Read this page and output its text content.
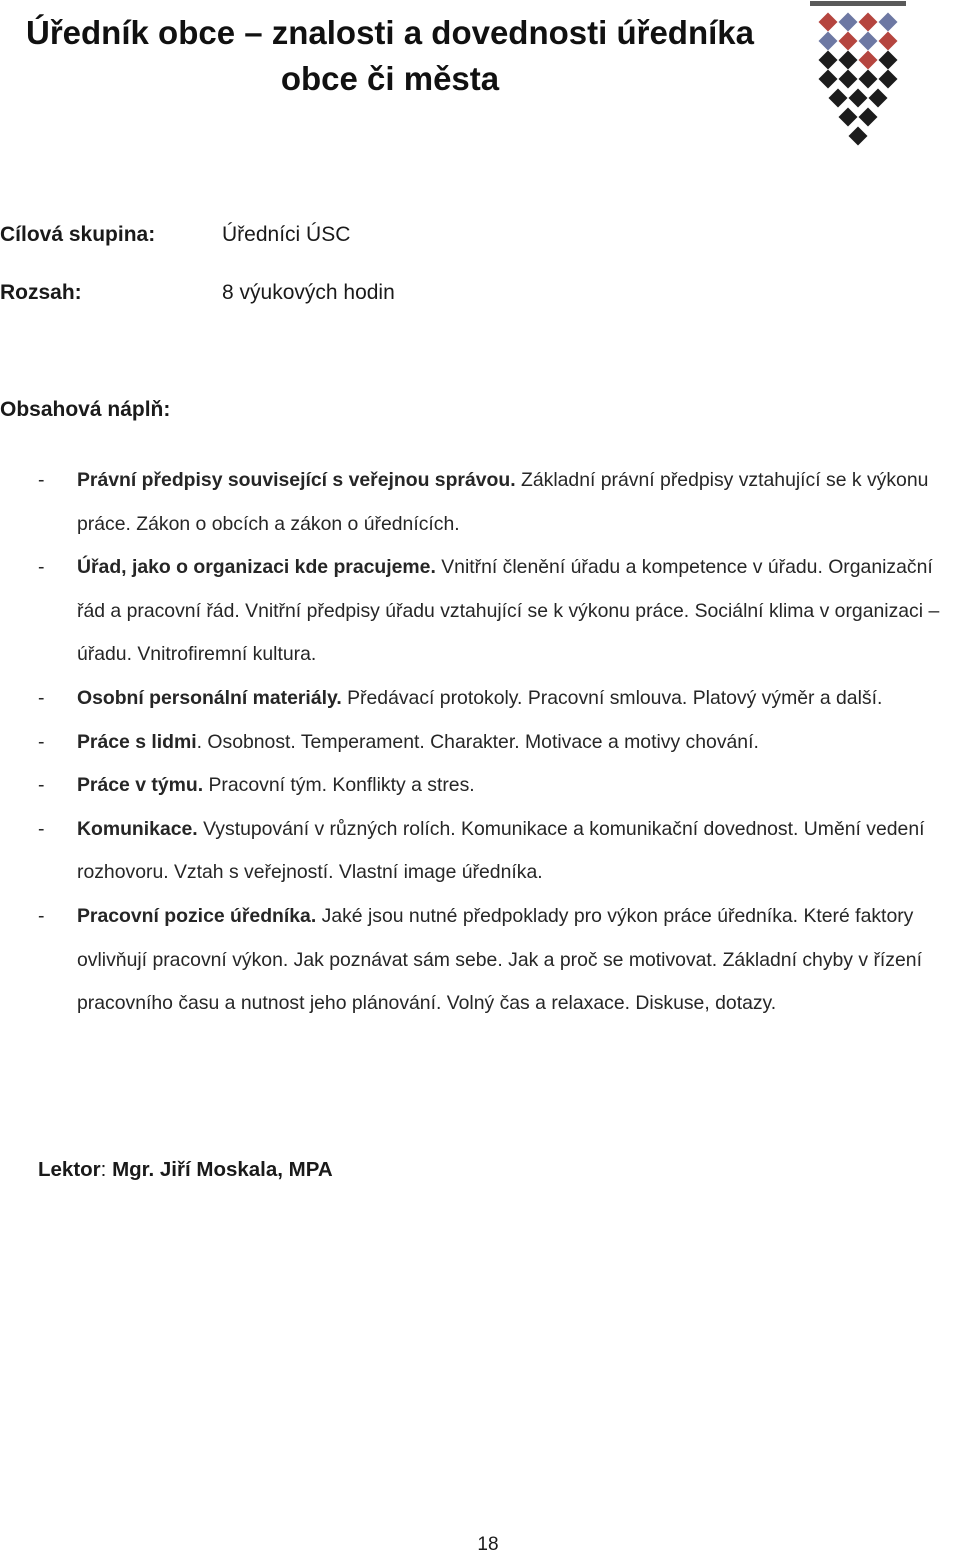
Úředník obce – znalosti a dovednosti úředníka
obce či města

Cílová skupina:	Úředníci ÚSC

Rozsah:	8 výukových hodin

Obsahová náplň:

- Právní předpisy související s veřejnou správou. Základní právní předpisy vztahující se k výkonu práce. Zákon o obcích a zákon o úřednících.
- Úřad, jako o organizaci kde pracujeme. Vnitřní členění úřadu a kompetence v úřadu. Organizační řád a pracovní řád. Vnitřní předpisy úřadu vztahující se k výkonu práce. Sociální klima v organizaci – úřadu. Vnitrofiremní kultura.
- Osobní personální materiály. Předávací protokoly. Pracovní smlouva. Platový výměr a další.
- Práce s lidmi. Osobnost. Temperament. Charakter. Motivace a motivy chování.
- Práce v týmu. Pracovní tým. Konflikty a stres.
- Komunikace. Vystupování v různých rolích. Komunikace a komunikační dovednost. Umění vedení rozhovoru. Vztah s veřejností. Vlastní image úředníka.
- Pracovní pozice úředníka. Jaké jsou nutné předpoklady pro výkon práce úředníka. Které faktory ovlivňují pracovní výkon. Jak poznávat sám sebe. Jak a proč se motivovat. Základní chyby v řízení pracovního času a nutnost jeho plánování. Volný čas a relaxace. Diskuse, dotazy.

Lektor: Mgr. Jiří Moskala, MPA

18
